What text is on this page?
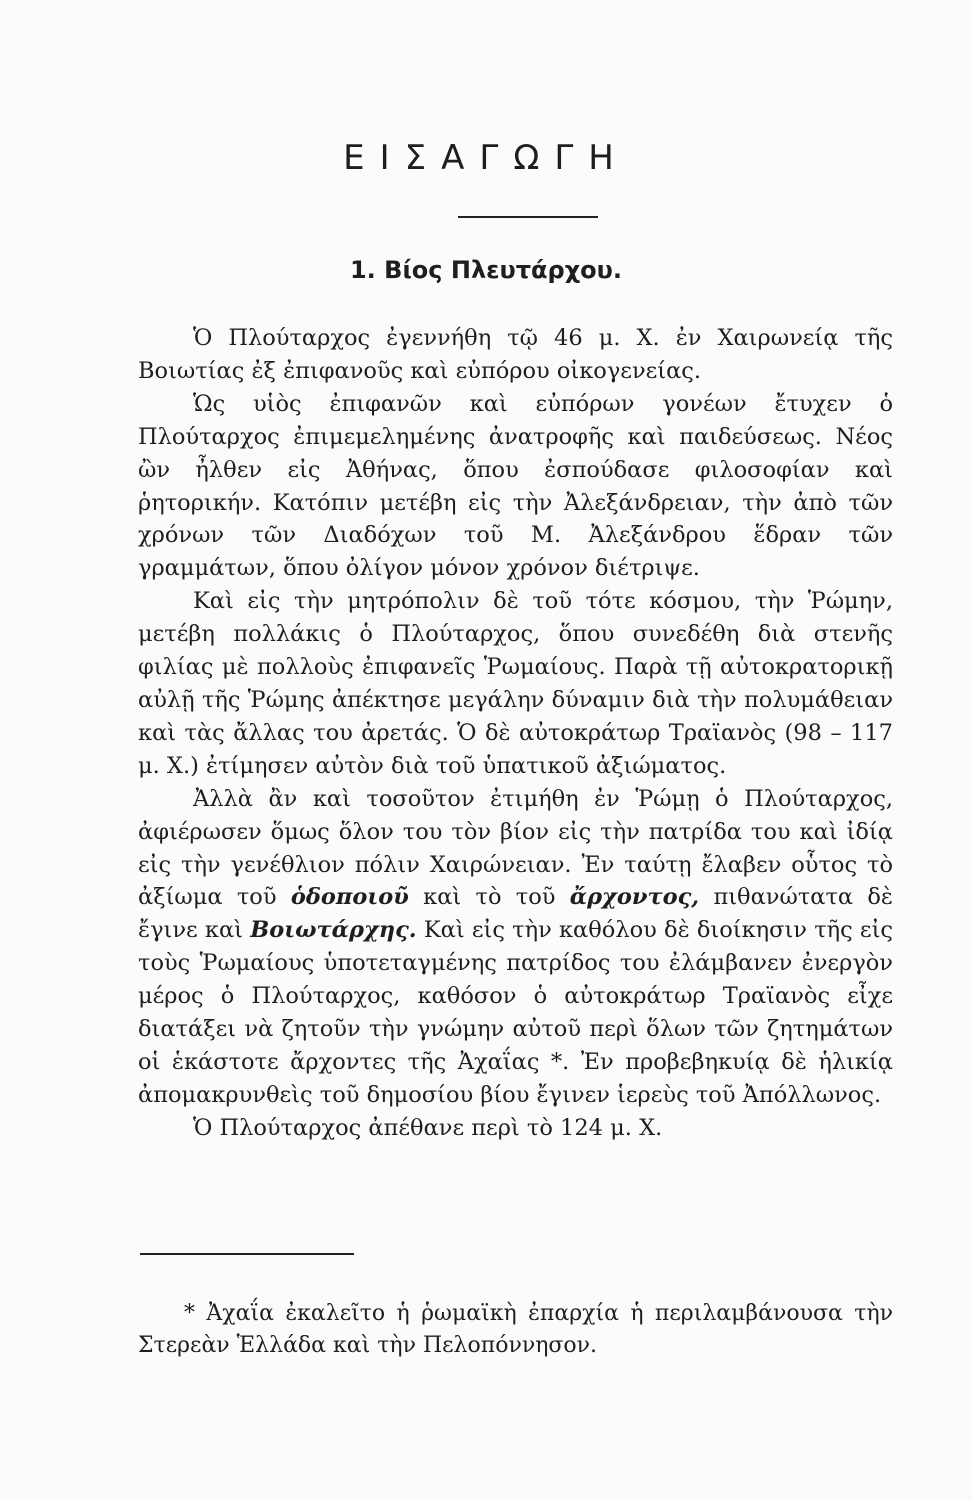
ΕΙΣΑΓΩΓΗ
1. Βίος Πλευτάρχου.

Ὁ Πλούταρχος ἐγεννήθη τῷ 46 μ. Χ. ἐν Χαιρωνείᾳ τῆς Βοιωτίας ἐξ ἐπιφανοῦς καὶ εὐπόρου οἰκογενείας.

Ὡς υἱὸς ἐπιφανῶν καὶ εὐπόρων γονέων ἔτυχεν ὁ Πλούταρχος ἐπιμεμελημένης ἀνατροφῆς καὶ παιδεύσεως. Νέος ὢν ἦλθεν εἰς Ἀθήνας, ὅπου ἐσπούδασε φιλοσοφίαν καὶ ῥητορικήν. Κατόπιν μετέβη εἰς τὴν Ἀλεξάνδρειαν, τὴν ἀπὸ τῶν χρόνων τῶν Διαδόχων τοῦ Μ. Ἀλεξάνδρου ἕδραν τῶν γραμμάτων, ὅπου ὀλίγον μόνον χρόνον διέτριψε.

Καὶ εἰς τὴν μητρόπολιν δὲ τοῦ τότε κόσμου, τὴν Ῥώμην, μετέβη πολλάκις ὁ Πλούταρχος, ὅπου συνεδέθη διὰ στενῆς φιλίας μὲ πολλοὺς ἐπιφανεῖς Ῥωμαίους. Παρὰ τῇ αὐτοκρατορικῇ αὐλῇ τῆς Ῥώμης ἀπέκτησε μεγάλην δύναμιν διὰ τὴν πολυμάθειαν καὶ τὰς ἄλλας του ἀρετάς. Ὁ δὲ αὐτοκράτωρ Τραϊανὸς (98 – 117 μ. Χ.) ἐτίμησεν αὐτὸν διὰ τοῦ ὑπατικοῦ ἀξιώματος.

Ἀλλὰ ἂν καὶ τοσοῦτον ἐτιμήθη ἐν Ῥώμῃ ὁ Πλούταρχος, ἀφιέρωσεν ὅμως ὅλον του τὸν βίον εἰς τὴν πατρίδα του καὶ ἰδίᾳ εἰς τὴν γενέθλιον πόλιν Χαιρώνειαν. Ἐν ταύτῃ ἔλαβεν οὗτος τὸ ἀξίωμα τοῦ ὁδοποιοῦ καὶ τὸ τοῦ ἄρχοντος, πιθανώτατα δὲ ἔγινε καὶ Βοιωτάρχης. Καὶ εἰς τὴν καθόλου δὲ διοίκησιν τῆς εἰς τοὺς Ῥωμαίους ὑποτεταγμένης πατρίδος του ἐλάμβανεν ἐνεργὸν μέρος ὁ Πλούταρχος, καθόσον ὁ αὐτοκράτωρ Τραϊανὸς εἶχε διατάξει νὰ ζητοῦν τὴν γνώμην αὐτοῦ περὶ ὅλων τῶν ζητημάτων οἱ ἑκάστοτε ἄρχοντες τῆς Ἀχαΐας *. Ἐν προβεβηκυίᾳ δὲ ἡλικίᾳ ἀπομακρυνθεὶς τοῦ δημοσίου βίου ἔγινεν ἱερεὺς τοῦ Ἀπόλλωνος.

Ὁ Πλούταρχος ἀπέθανε περὶ τὸ 124 μ. Χ.

* Ἀχαΐα ἐκαλεῖτο ἡ ῥωμαϊκὴ ἐπαρχία ἡ περιλαμβάνουσα τὴν Στερεὰν Ἑλλάδα καὶ τὴν Πελοπόννησον.
